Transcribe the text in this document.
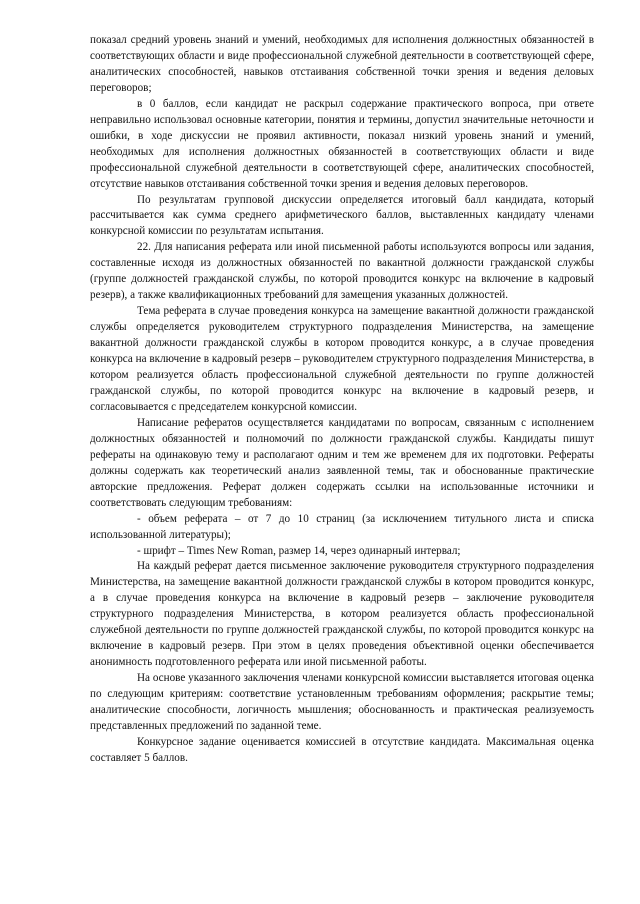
показал средний уровень знаний и умений, необходимых для исполнения должностных обязанностей в соответствующих области и виде профессиональной служебной деятельности в соответствующей сфере, аналитических способностей, навыков отстаивания собственной точки зрения и ведения деловых переговоров;

в 0 баллов, если кандидат не раскрыл содержание практического вопроса, при ответе неправильно использовал основные категории, понятия и термины, допустил значительные неточности и ошибки, в ходе дискуссии не проявил активности, показал низкий уровень знаний и умений, необходимых для исполнения должностных обязанностей в соответствующих области и виде профессиональной служебной деятельности в соответствующей сфере, аналитических способностей, отсутствие навыков отстаивания собственной точки зрения и ведения деловых переговоров.

По результатам групповой дискуссии определяется итоговый балл кандидата, который рассчитывается как сумма среднего арифметического баллов, выставленных кандидату членами конкурсной комиссии по результатам испытания.

22. Для написания реферата или иной письменной работы используются вопросы или задания, составленные исходя из должностных обязанностей по вакантной должности гражданской службы (группе должностей гражданской службы, по которой проводится конкурс на включение в кадровый резерв), а также квалификационных требований для замещения указанных должностей.

Тема реферата в случае проведения конкурса на замещение вакантной должности гражданской службы определяется руководителем структурного подразделения Министерства, на замещение вакантной должности гражданской службы в котором проводится конкурс, а в случае проведения конкурса на включение в кадровый резерв – руководителем структурного подразделения Министерства, в котором реализуется область профессиональной служебной деятельности по группе должностей гражданской службы, по которой проводится конкурс на включение в кадровый резерв, и согласовывается с председателем конкурсной комиссии.

Написание рефератов осуществляется кандидатами по вопросам, связанным с исполнением должностных обязанностей и полномочий по должности гражданской службы. Кандидаты пишут рефераты на одинаковую тему и располагают одним и тем же временем для их подготовки. Рефераты должны содержать как теоретический анализ заявленной темы, так и обоснованные практические авторские предложения. Реферат должен содержать ссылки на использованные источники и соответствовать следующим требованиям:

- объем реферата – от 7 до 10 страниц (за исключением титульного листа и списка использованной литературы);

- шрифт – Times New Roman, размер 14, через одинарный интервал;

На каждый реферат дается письменное заключение руководителя структурного подразделения Министерства, на замещение вакантной должности гражданской службы в котором проводится конкурс, а в случае проведения конкурса на включение в кадровый резерв – заключение руководителя структурного подразделения Министерства, в котором реализуется область профессиональной служебной деятельности по группе должностей гражданской службы, по которой проводится конкурс на включение в кадровый резерв. При этом в целях проведения объективной оценки обеспечивается анонимность подготовленного реферата или иной письменной работы.

На основе указанного заключения членами конкурсной комиссии выставляется итоговая оценка по следующим критериям: соответствие установленным требованиям оформления; раскрытие темы; аналитические способности, логичность мышления; обоснованность и практическая реализуемость представленных предложений по заданной теме.

Конкурсное задание оценивается комиссией в отсутствие кандидата. Максимальная оценка составляет 5 баллов.
